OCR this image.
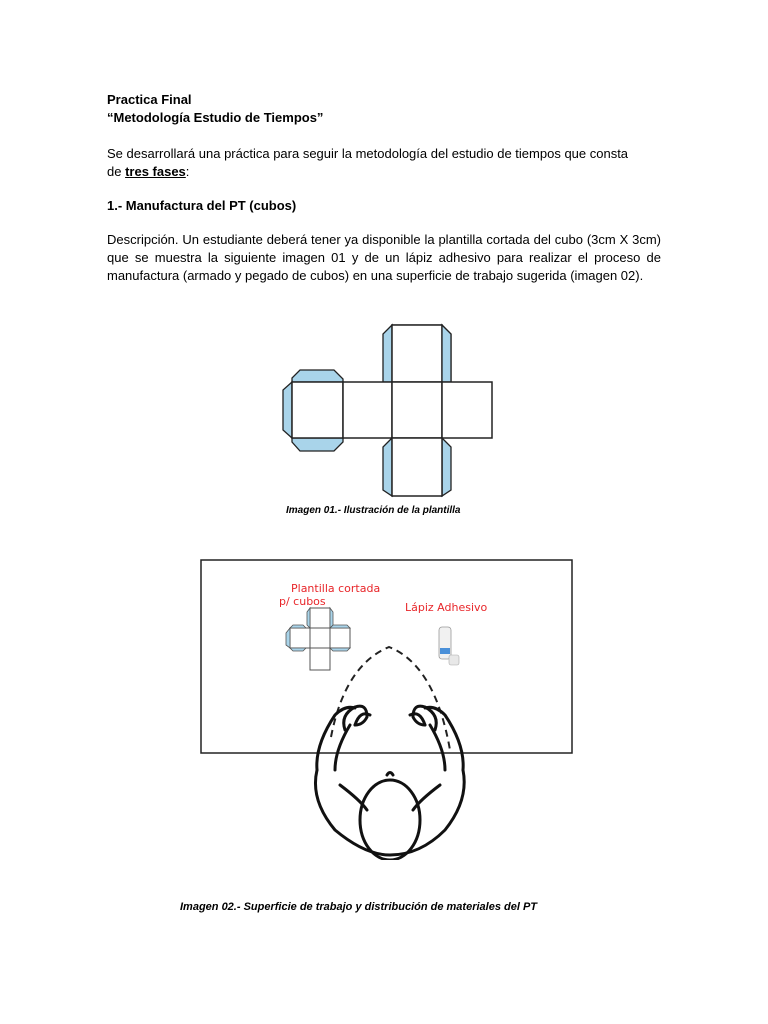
Practica Final
“Metodología Estudio de Tiempos”
Se desarrollará una práctica para seguir la metodología del estudio de tiempos que consta
de tres fases:
1.- Manufactura del PT (cubos)
Descripción. Un estudiante deberá tener ya disponible la plantilla cortada del cubo (3cm X 3cm) que se muestra la siguiente imagen 01 y de un lápiz adhesivo para realizar el proceso de manufactura (armado y pegado de cubos) en una superficie de trabajo sugerida (imagen 02).
Imagen 01.- Ilustración de la plantilla
Plantilla cortada
p/ cubos	Lápiz Adhesivo
Imagen 02.- Superficie de trabajo y distribución de materiales del PT
